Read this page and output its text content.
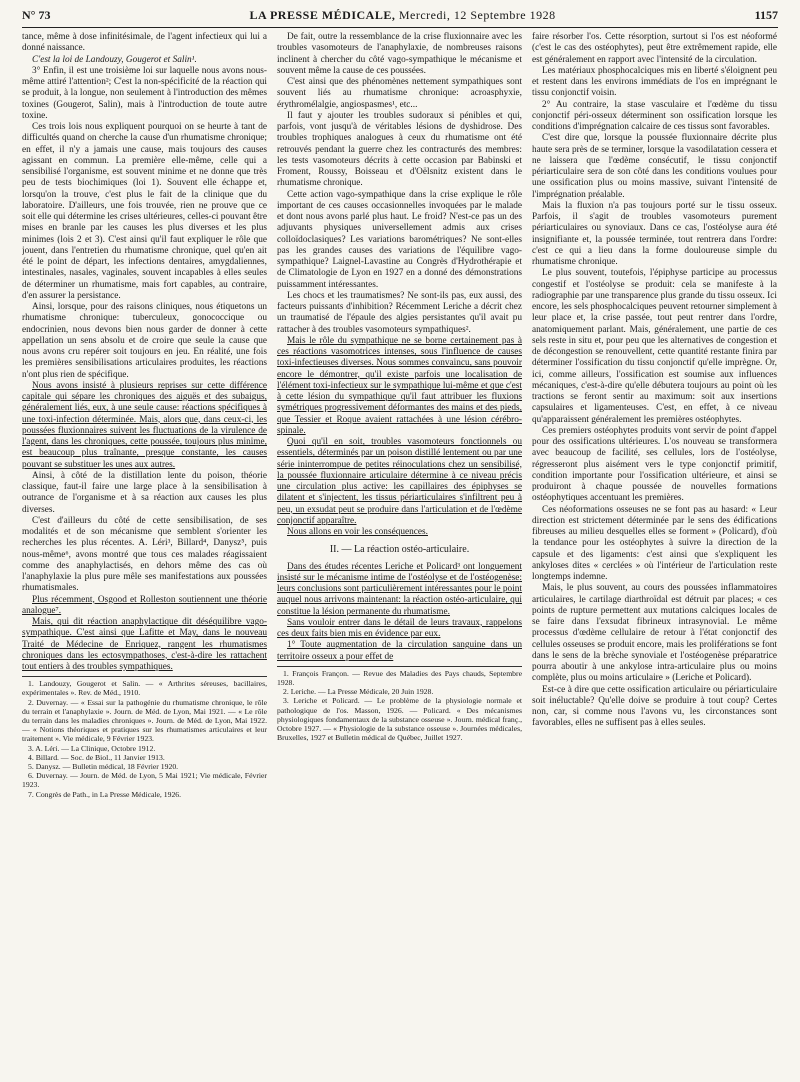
N° 73	LA PRESSE MÉDICALE, Mercredi, 12 Septembre 1928	1157

tance, même à dose infinitésimale, de l'agent infectieux qui lui a donné naissance.

C'est la loi de Landouzy, Gougerot et Salin¹.

3° Enfin, il est une troisième loi sur laquelle nous avons nous-même attiré l'attention²; C'est la non-spécificité de la réaction qui se produit, à la longue, non seulement à l'introduction des mêmes toxines (Gougerot, Salin), mais à l'introduction de toute autre toxine.

Ces trois lois nous expliquent pourquoi on se heurte à tant de difficultés quand on cherche la cause d'un rhumatisme chronique; en effet, il n'y a jamais une cause, mais toujours des causes agissant en commun. La première elle-même, celle qui a sensibilisé l'organisme, est souvent minime et ne donne que très peu de tests biochimiques (loi 1). Souvent elle échappe et, lorsqu'on la trouve, c'est plus le fait de la clinique que du laboratoire. D'ailleurs, une fois trouvée, rien ne prouve que ce soit elle qui détermine les crises ultérieures, celles-ci pouvant être mises en branle par les causes les plus diverses et les plus minimes (lois 2 et 3). C'est ainsi qu'il faut expliquer le rôle que jouent, dans l'entretien du rhumatisme chronique, quel qu'en ait été le point de départ, les infections dentaires, amygdaliennes, intestinales, nasales, vaginales, souvent incapables à elles seules de déterminer un rhumatisme, mais fort capables, au contraire, d'en assurer la persistance.

Ainsi, lorsque, pour des raisons cliniques, nous étiquetons un rhumatisme chronique: tuberculeux, gonococcique ou endocrinien, nous devons bien nous garder de donner à cette appellation un sens absolu et de croire que seule la cause que nous avons cru repérer soit toujours en jeu. En réalité, une fois les premières sensibilisations articulaires produites, les réactions n'ont plus rien de spécifique.

Nous avons insisté à plusieurs reprises sur cette différence capitale qui sépare les chroniques des aiguës et des subaigus, généralement liés, eux, à une seule cause: réactions spécifiques à une toxi-infection déterminée. Mais, alors que, dans ceux-ci, les poussées fluxionnaires suivent les fluctuations de la virulence de l'agent, dans les chroniques, cette poussée, toujours plus minime, est beaucoup plus traînante, presque constante, les causes pouvant se substituer les unes aux autres.

Ainsi, à côté de la distillation lente du poison, théorie classique, faut-il faire une large place à la sensibilisation à outrance de l'organisme et à sa réaction aux causes les plus diverses.

C'est d'ailleurs du côté de cette sensibilisation, de ses modalités et de son mécanisme que semblent s'orienter les recherches les plus récentes. A. Léri³, Billard⁴, Danysz⁵, puis nous-même⁶, avons montré que tous ces malades réagissaient comme des anaphylactisés, en dehors même des cas où l'anaphylaxie la plus pure mêle ses manifestations aux poussées rhumatismales.

Plus récemment, Osgood et Rolleston soutiennent une théorie analogue⁷.

Mais, qui dit réaction anaphylactique dit déséquilibre vago-sympathique. C'est ainsi que Lafitte et May, dans le nouveau Traité de Médecine de Enriquez, rangent les rhumatismes chroniques dans les ectosympathoses, c'est-à-dire les rattachent tout entiers à des troubles sympathiques.

1. Landouzy, Gougerot et Salin. — « Arthrites séreuses, bacillaires, expérimentales ». Rev. de Méd., 1910.

2. Duvernay. — « Essai sur la pathogénie du rhumatisme chronique, le rôle du terrain et l'anaphylaxie ». Journ. de Méd. de Lyon, Mai 1921. — « Le rôle du terrain dans les maladies chroniques ». Journ. de Méd. de Lyon, Mai 1922. — « Notions théoriques et pratiques sur les rhumatismes articulaires et leur traitement ». Vie médicale, 9 Février 1923.

3. A. Léri. — La Clinique, Octobre 1912.

4. Billard. — Soc. de Biol., 11 Janvier 1913.

5. Danysz. — Bulletin médical, 18 Février 1920.

6. Duvernay. — Journ. de Méd. de Lyon, 5 Mai 1921; Vie médicale, Février 1923.

7. Congrès de Path., in La Presse Médicale, 1926.

De fait, outre la ressemblance de la crise fluxionnaire avec les troubles vasomoteurs de l'anaphylaxie, de nombreuses raisons inclinent à chercher du côté vago-sympathique le mécanisme et souvent même la cause de ces poussées.

C'est ainsi que des phénomènes nettement sympathiques sont souvent liés au rhumatisme chronique: acroasphyxie, érythromélalgie, angiospasmes¹, etc...

Il faut y ajouter les troubles sudoraux si pénibles et qui, parfois, vont jusqu'à de véritables lésions de dyshidrose. Des troubles trophiques analogues à ceux du rhumatisme ont été retrouvés pendant la guerre chez les contracturés des membres: les tests vasomoteurs décrits à cette occasion par Babinski et Froment, Roussy, Boisseau et d'Oëlsnitz existent dans le rhumatisme chronique.

Cette action vago-sympathique dans la crise explique le rôle important de ces causes occasionnelles invoquées par le malade et dont nous avons parlé plus haut. Le froid? N'est-ce pas un des adjuvants physiques universellement admis aux crises colloïdoclasiques? Les variations barométriques? Ne sont-elles pas les grandes causes des variations de l'équilibre vago-sympathique? Laignel-Lavastine au Congrès d'Hydrothérapie et de Climatologie de Lyon en 1927 en a donné des démonstrations puissamment intéressantes.

Les chocs et les traumatismes? Ne sont-ils pas, eux aussi, des facteurs puissants d'inhibition? Récemment Leriche a décrit chez un traumatisé de l'épaule des algies persistantes qu'il avait pu rattacher à des troubles vasomoteurs sympathiques².

Mais le rôle du sympathique ne se borne certainement pas à ces réactions vasomotrices intenses, sous l'influence de causes toxi-infectieuses diverses. Nous sommes convaincu, sans pouvoir encore le démontrer, qu'il existe parfois une localisation de l'élément toxi-infectieux sur le sympathique lui-même et que c'est à cette lésion du sympathique qu'il faut attribuer les fluxions symétriques progressivement déformantes des mains et des pieds, que Tessier et Roque avaient rattachées à une lésion cérébro-spinale.

Quoi qu'il en soit, troubles vasomoteurs fonctionnels ou essentiels, déterminés par un poison distillé lentement ou par une série ininterrompue de petites réinoculations chez un sensibilisé, la poussée fluxionnaire articulaire détermine à ce niveau précis une circulation plus active: les capillaires des épiphyses se dilatent et s'injectent, les tissus périarticulaires s'infiltrent peu à peu, un exsudat peut se produire dans l'articulation et de l'œdème conjonctif apparaître.

Nous allons en voir les conséquences.

II. — La réaction ostéo-articulaire.

Dans des études récentes Leriche et Policard³ ont longuement insisté sur le mécanisme intime de l'ostéolyse et de l'ostéogenèse: leurs conclusions sont particulièrement intéressantes pour le point auquel nous arrivons maintenant: la réaction ostéo-articulaire, qui constitue la lésion permanente du rhumatisme.

Sans vouloir entrer dans le détail de leurs travaux, rappelons ces deux faits bien mis en évidence par eux.

1° Toute augmentation de la circulation sanguine dans un territoire osseux a pour effet de

1. François Françon. — Revue des Maladies des Pays chauds, Septembre 1928.

2. Leriche. — La Presse Médicale, 20 Juin 1928.

3. Leriche et Policard. — Le problème de la physiologie normale et pathologique de l'os. Masson, 1926. — Policard. « Des mécanismes physiologiques fondamentaux de la substance osseuse ». Journ. médical franç., Octobre 1927. — « Physiologie de la substance osseuse ». Journées médicales, Bruxelles, 1927 et Bulletin médical de Québec, Juillet 1927.

faire résorber l'os. Cette résorption, surtout si l'os est néoformé (c'est le cas des ostéophytes), peut être extrêmement rapide, elle est généralement en rapport avec l'intensité de la circulation.

Les matériaux phosphocalciques mis en liberté s'éloignent peu et restent dans les environs immédiats de l'os en imprégnant le tissu conjonctif voisin.

2° Au contraire, la stase vasculaire et l'œdème du tissu conjonctif péri-osseux déterminent son ossification lorsque les conditions d'imprégnation calcaire de ces tissus sont favorables.

C'est dire que, lorsque la poussée fluxionnaire décrite plus haute sera près de se terminer, lorsque la vasodilatation cessera et ne laissera que l'œdème consécutif, le tissu conjonctif périarticulaire sera de son côté dans les conditions voulues pour une ossification plus ou moins massive, suivant l'intensité de l'imprégnation préalable.

Mais la fluxion n'a pas toujours porté sur le tissu osseux. Parfois, il s'agit de troubles vasomoteurs purement périarticulaires ou synoviaux. Dans ce cas, l'ostéolyse aura été insignifiante et, la poussée terminée, tout rentrera dans l'ordre: c'est ce qui a lieu dans la forme douloureuse simple du rhumatisme chronique.

Le plus souvent, toutefois, l'épiphyse participe au processus congestif et l'ostéolyse se produit: cela se manifeste à la radiographie par une transparence plus grande du tissu osseux. Ici encore, les sels phosphocalciques peuvent retourner simplement à leur place et, la crise passée, tout peut rentrer dans l'ordre, anatomiquement parlant. Mais, généralement, une partie de ces sels reste in situ et, pour peu que les alternatives de congestion et de décongestion se renouvellent, cette quantité restante finira par déterminer l'ossification du tissu conjonctif qu'elle imprègne. Or, ici, comme ailleurs, l'ossification est soumise aux influences mécaniques, c'est-à-dire qu'elle débutera toujours au point où les tractions se feront sentir au maximum: soit aux insertions capsulaires et ligamenteuses. C'est, en effet, à ce niveau qu'apparaissent généralement les premières ostéophytes.

Ces premiers ostéophytes produits vont servir de point d'appel pour des ossifications ultérieures. L'os nouveau se transformera avec beaucoup de facilité, ses cellules, lors de l'ostéolyse, régresseront plus aisément vers le type conjonctif primitif, condition importante pour l'ossification ultérieure, et ainsi se produiront à chaque poussée de nouvelles formations ostéophytiques accentuant les premières.

Ces néoformations osseuses ne se font pas au hasard: « Leur direction est strictement déterminée par le sens des édifications fibreuses au milieu desquelles elles se forment » (Policard), d'où la tendance pour les ostéophytes à suivre la direction de la capsule et des ligaments: c'est ainsi que s'expliquent les ankyloses dites « cerclées » où l'intérieur de l'articulation reste longtemps indemne.

Mais, le plus souvent, au cours des poussées inflammatoires articulaires, le cartilage diarthroïdal est détruit par places; « ces points de rupture permettent aux mutations calciques locales de se faire dans l'exsudat fibrineux intrasynovial. Le même processus d'œdème cellulaire de retour à l'état conjonctif des cellules osseuses se produit encore, mais les proliférations se font dans le sens de la brèche synoviale et l'ostéogenèse préparatrice pourra aboutir à une ankylose intra-articulaire plus ou moins complète, plus ou moins articulaire » (Leriche et Policard).

Est-ce à dire que cette ossification articulaire ou périarticulaire soit inéluctable? Qu'elle doive se produire à tout coup? Certes non, car, si comme nous l'avons vu, les circonstances sont favorables, elles ne suffisent pas à elles seules.
